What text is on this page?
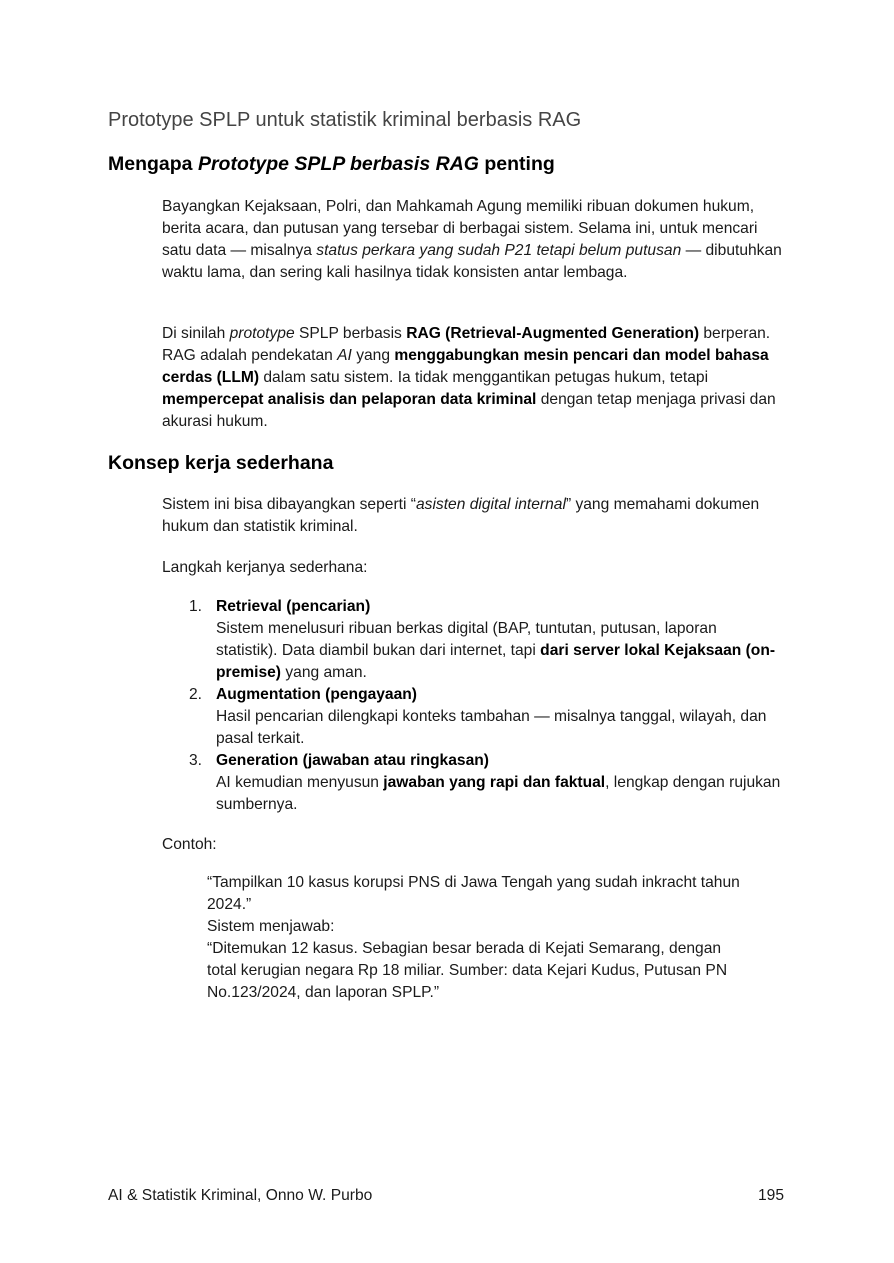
Prototype SPLP untuk statistik kriminal berbasis RAG
Mengapa Prototype SPLP berbasis RAG penting

Bayangkan Kejaksaan, Polri, dan Mahkamah Agung memiliki ribuan dokumen hukum, berita acara, dan putusan yang tersebar di berbagai sistem. Selama ini, untuk mencari satu data — misalnya status perkara yang sudah P21 tetapi belum putusan — dibutuhkan waktu lama, dan sering kali hasilnya tidak konsisten antar lembaga.

Di sinilah prototype SPLP berbasis RAG (Retrieval-Augmented Generation) berperan. RAG adalah pendekatan AI yang menggabungkan mesin pencari dan model bahasa cerdas (LLM) dalam satu sistem. Ia tidak menggantikan petugas hukum, tetapi mempercepat analisis dan pelaporan data kriminal dengan tetap menjaga privasi dan akurasi hukum.

Konsep kerja sederhana

Sistem ini bisa dibayangkan seperti “asisten digital internal” yang memahami dokumen hukum dan statistik kriminal.

Langkah kerjanya sederhana:

1. Retrieval (pencarian)
Sistem menelusuri ribuan berkas digital (BAP, tuntutan, putusan, laporan statistik). Data diambil bukan dari internet, tapi dari server lokal Kejaksaan (on-premise) yang aman.
2. Augmentation (pengayaan)
Hasil pencarian dilengkapi konteks tambahan — misalnya tanggal, wilayah, dan pasal terkait.
3. Generation (jawaban atau ringkasan)
AI kemudian menyusun jawaban yang rapi dan faktual, lengkap dengan rujukan sumbernya.

Contoh:

“Tampilkan 10 kasus korupsi PNS di Jawa Tengah yang sudah inkracht tahun 2024.”
Sistem menjawab:
“Ditemukan 12 kasus. Sebagian besar berada di Kejati Semarang, dengan total kerugian negara Rp 18 miliar. Sumber: data Kejari Kudus, Putusan PN No.123/2024, dan laporan SPLP.”
AI & Statistik Kriminal, Onno W. Purbo	195
